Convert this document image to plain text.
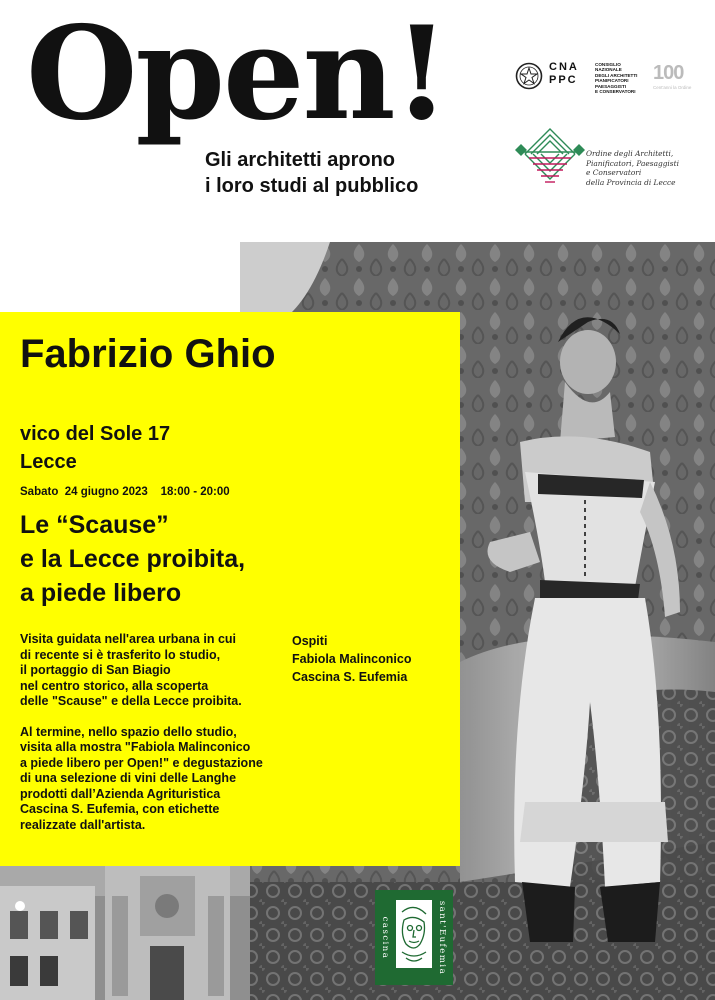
Open!
Gli architetti aprono
i loro studi al pubblico
CNA
PPC
CONSIGLIO NAZIONALE
DEGLI ARCHITETTI
PIANIFICATORI
PAESAGGISTI
E CONSERVATORI
100
Cent'anni la Ordine
Ordine degli Architetti,
Pianificatori, Paesaggisti
e Conservatori
della Provincia di Lecce
Fabrizio Ghio
vico del Sole 17
Lecce
Sabato  24 giugno 2023    18:00 - 20:00
Le “Scause”
e la Lecce proibita,
a piede libero
Visita guidata nell'area urbana in cui
di recente si è trasferito lo studio,
il portaggio di San Biagio
nel centro storico, alla scoperta
delle "Scause" e della Lecce proibita.
Al termine, nello spazio dello studio,
visita alla mostra "Fabiola Malinconico
a piede libero per Open!" e degustazione
di una selezione di vini delle Langhe
prodotti dall’Azienda Agrituristica
Cascina S. Eufemia, con etichette
realizzate dall'artista.
Ospiti
Fabiola Malinconico
Cascina S. Eufemia
cascina	sant'Eufemia
